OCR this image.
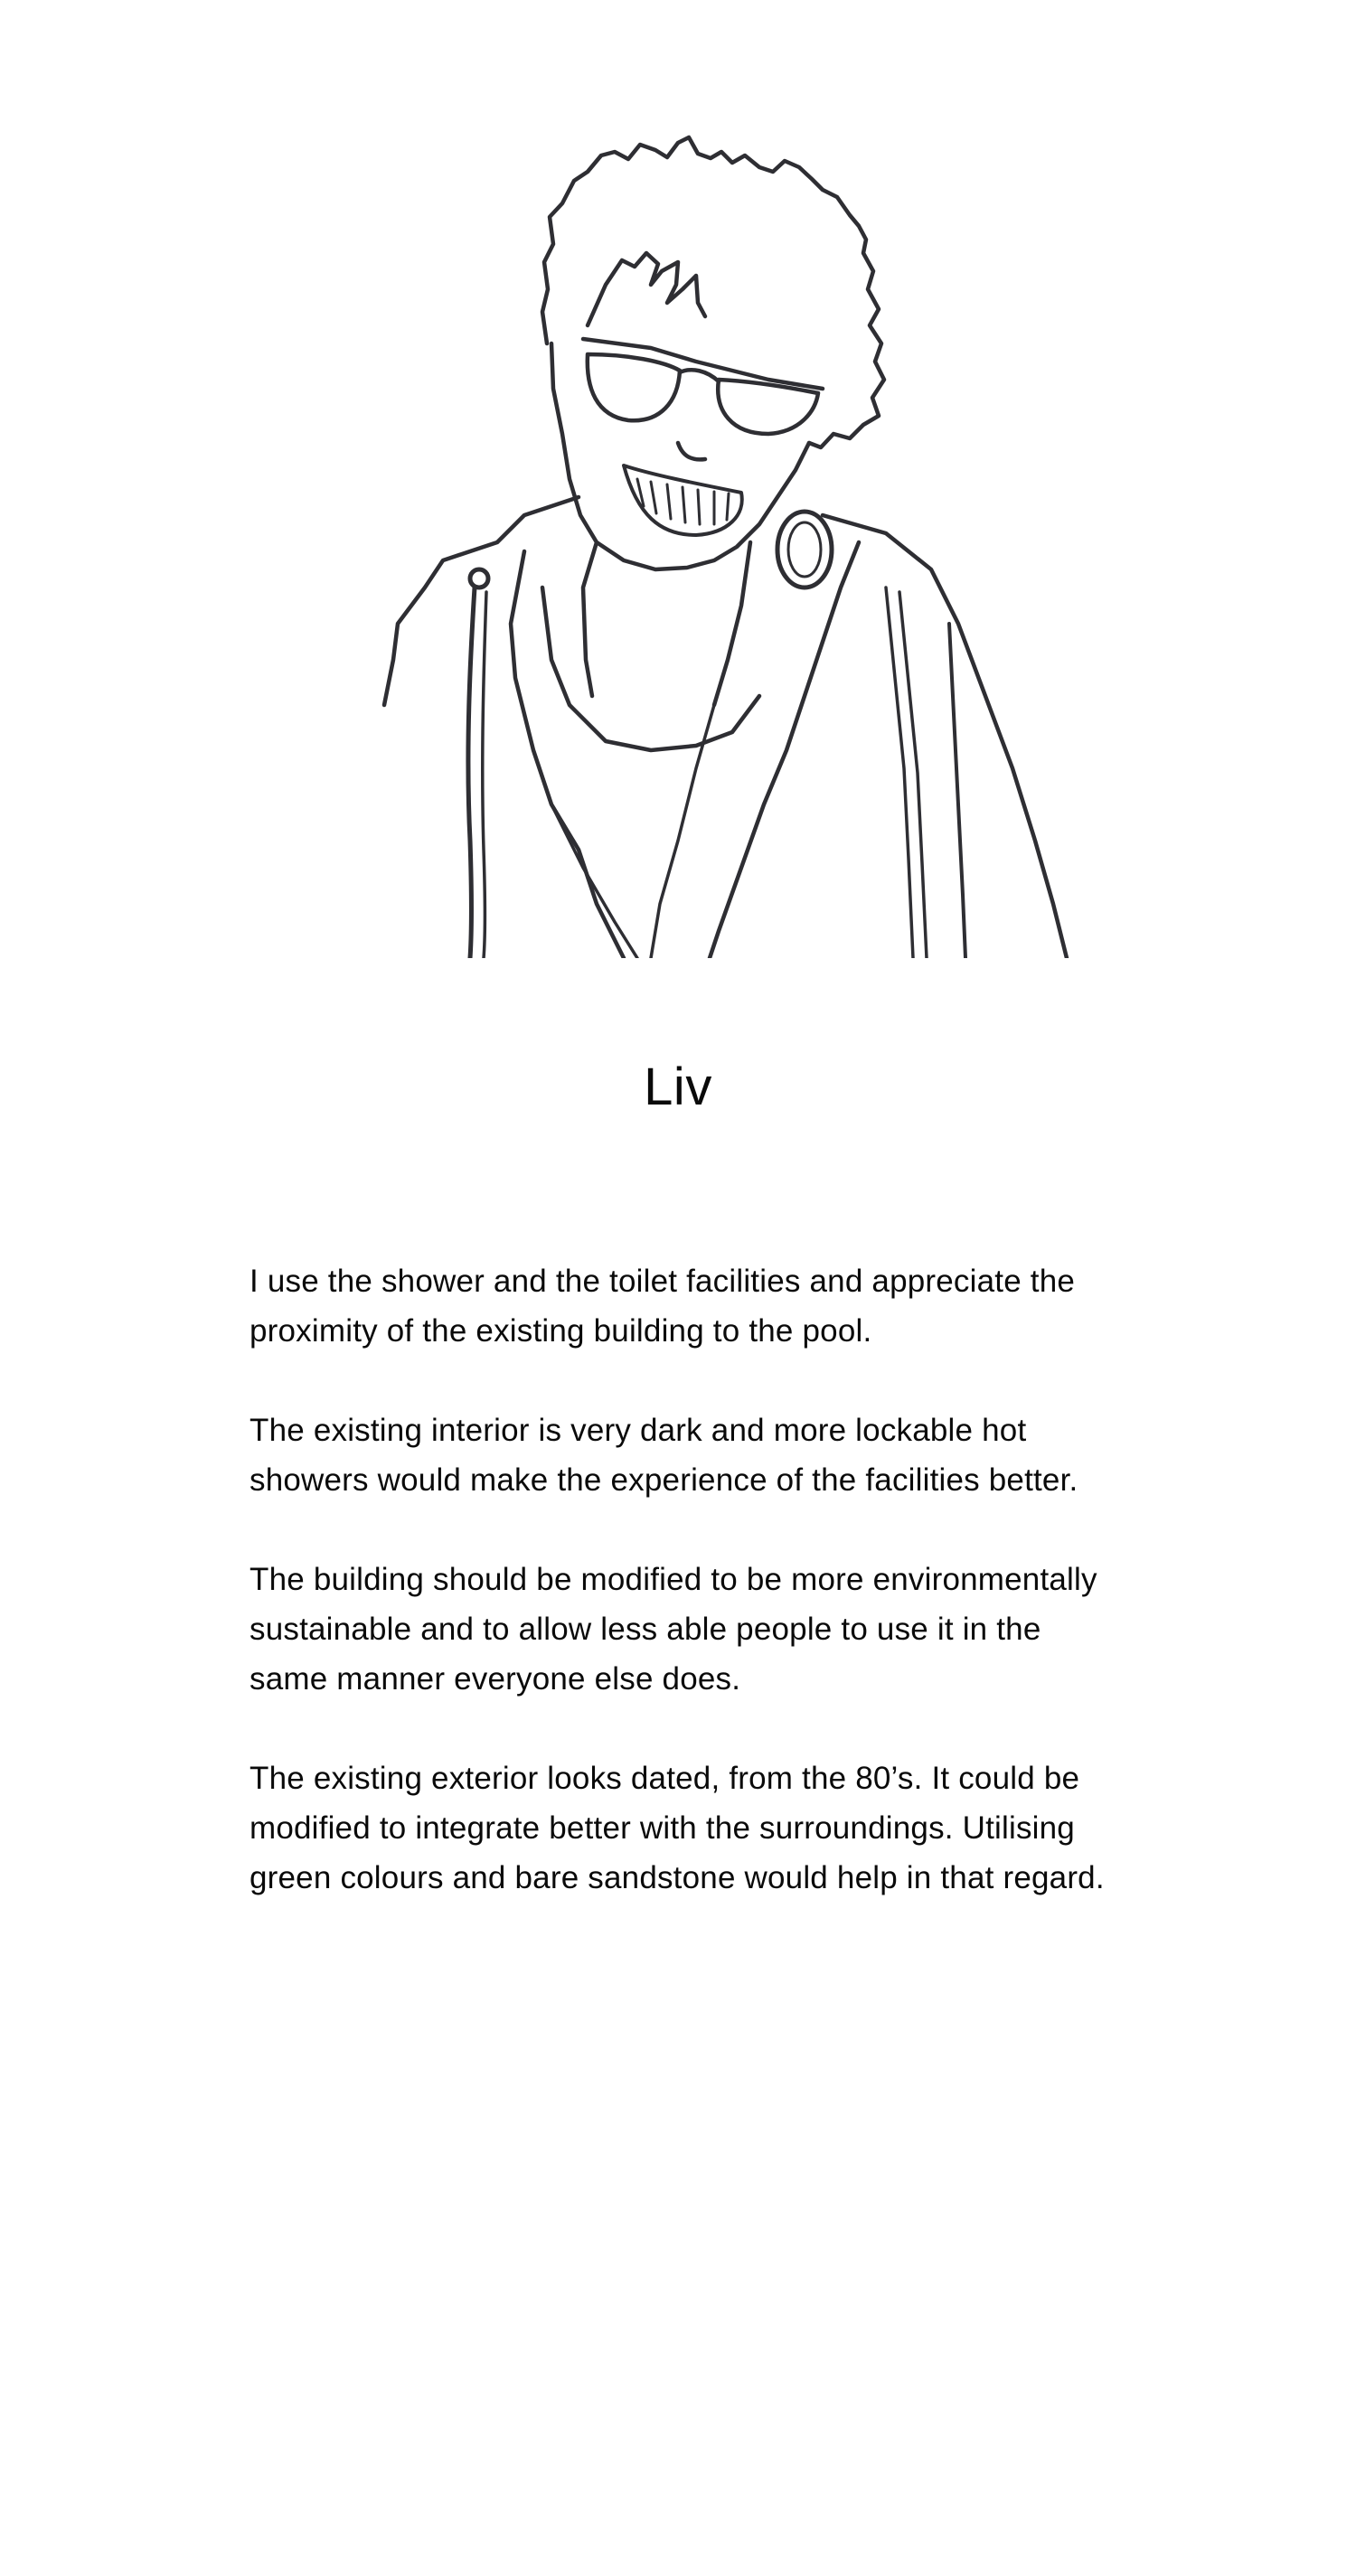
Liv

I use the shower and the toilet facilities and appreciate the proximity of the existing building to the pool.

The existing interior is very dark and more lockable hot showers would make the experience of the facilities better.

The building should be modified to be more environmentally sustainable and to allow less able people to use it in the same manner everyone else does.

The existing exterior looks dated, from the 80’s. It could be modified to integrate better with the surroundings. Utilising green colours and bare sandstone would help in that regard.
